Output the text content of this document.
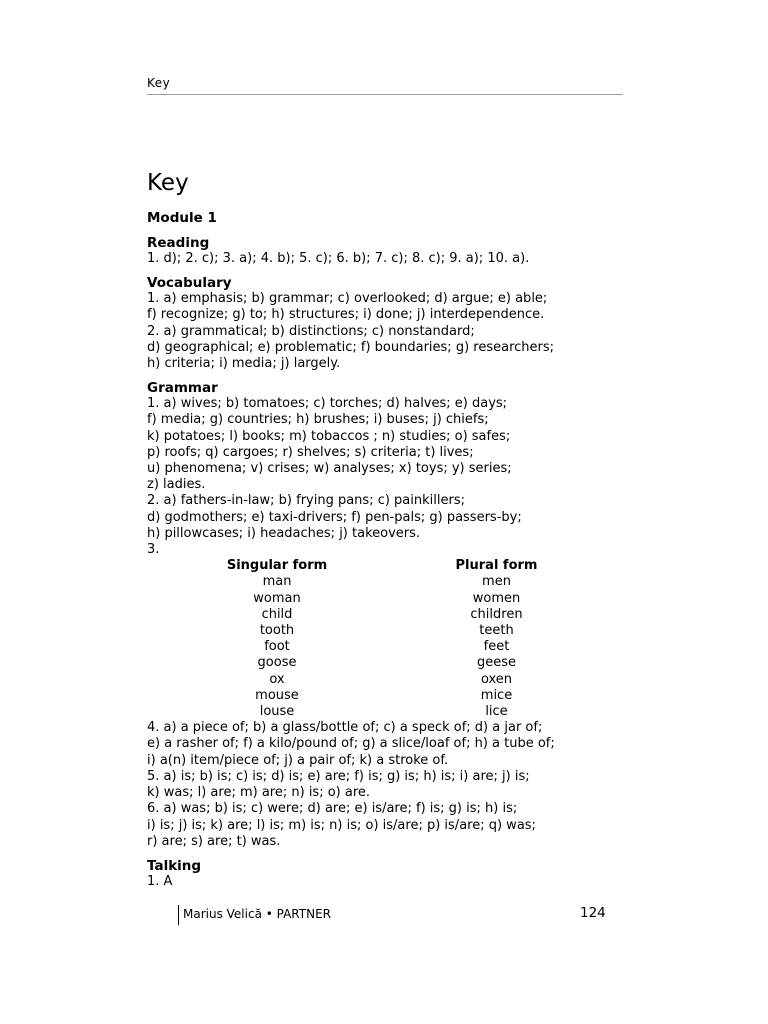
Key
Key
Module 1
Reading
1. d); 2. c); 3. a); 4. b); 5. c); 6. b); 7. c); 8. c); 9. a); 10. a).
Vocabulary
1. a) emphasis; b) grammar; c) overlooked; d) argue; e) able;
f) recognize; g) to; h) structures; i) done; j) interdependence.
2. a) grammatical; b) distinctions; c) nonstandard;
d) geographical; e) problematic; f) boundaries; g) researchers;
h) criteria; i) media; j) largely.
Grammar
1. a) wives; b) tomatoes; c) torches; d) halves; e) days;
f) media; g) countries; h) brushes; i) buses; j) chiefs;
k) potatoes; l) books; m) tobaccos ; n) studies; o) safes;
p) roofs; q) cargoes; r) shelves; s) criteria; t) lives;
u) phenomena; v) crises; w) analyses; x) toys; y) series;
z) ladies.
2. a) fathers-in-law; b) frying pans; c) painkillers;
d) godmothers; e) taxi-drivers; f) pen-pals; g) passers-by;
h) pillowcases; i) headaches; j) takeovers.
3.
Singular form
man
woman
child
tooth
foot
goose
ox
mouse
louse
Plural form
men
women
children
teeth
feet
geese
oxen
mice
lice
4. a) a piece of; b) a glass/bottle of; c) a speck of; d) a jar of;
e) a rasher of; f) a kilo/pound of; g) a slice/loaf of; h) a tube of;
i) a(n) item/piece of; j) a pair of; k) a stroke of.
5. a) is; b) is; c) is; d) is; e) are; f) is; g) is; h) is; i) are; j) is;
k) was; l) are; m) are; n) is; o) are.
6. a) was; b) is; c) were; d) are; e) is/are; f) is; g) is; h) is;
i) is; j) is; k) are; l) is; m) is; n) is; o) is/are; p) is/are; q) was;
r) are; s) are; t) was.
Talking
1. A
Marius Velică • PARTNER	124
